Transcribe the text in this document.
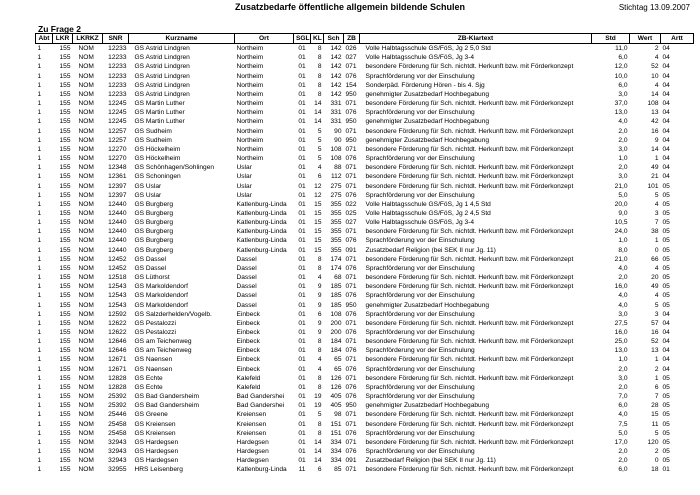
Zusatzbedarfe öffentliche allgemein bildende Schulen	Stichtag 13.09.2007
Zu Frage 2
Abt	LKR	LKRKZ	SNR	Kurzname	Ort	SGL	KL	Sch	ZB	ZB-Klartext	Std	Wert	Artt
1	155	NOM	12233	GS Astrid Lindgren	Northeim	01	8	142	026	Volle Halbtagsschule GS/FöS, Jg 2 5,0 Std	11,0	2	04
1	155	NOM	12233	GS Astrid Lindgren	Northeim	01	8	142	027	Volle Halbtagsschule GS/FöS, Jg 3-4	6,0	4	04
1	155	NOM	12233	GS Astrid Lindgren	Northeim	01	8	142	071	besondere Förderung für Sch. nichtdt. Herkunft bzw. mit Förderkonzept	12,0	52	04
1	155	NOM	12233	GS Astrid Lindgren	Northeim	01	8	142	076	Sprachförderung vor der Einschulung	10,0	10	04
1	155	NOM	12233	GS Astrid Lindgren	Northeim	01	8	142	154	Sonderpäd. Förderung Hören - bis 4. Sjg	6,0	4	04
1	155	NOM	12233	GS Astrid Lindgren	Northeim	01	8	142	950	genehmigter Zusatzbedarf Hochbegabung	3,0	14	04
1	155	NOM	12245	GS Martin Luther	Northeim	01	14	331	071	besondere Förderung für Sch. nichtdt. Herkunft bzw. mit Förderkonzept	37,0	108	04
1	155	NOM	12245	GS Martin Luther	Northeim	01	14	331	076	Sprachförderung vor der Einschulung	13,0	13	04
1	155	NOM	12245	GS Martin Luther	Northeim	01	14	331	950	genehmigter Zusatzbedarf Hochbegabung	4,0	42	04
1	155	NOM	12257	GS Sudheim	Northeim	01	5	90	071	besondere Förderung für Sch. nichtdt. Herkunft bzw. mit Förderkonzept	2,0	16	04
1	155	NOM	12257	GS Sudheim	Northeim	01	5	90	950	genehmigter Zusatzbedarf Hochbegabung	2,0	9	04
1	155	NOM	12270	GS Höckelheim	Northeim	01	5	108	071	besondere Förderung für Sch. nichtdt. Herkunft bzw. mit Förderkonzept	3,0	14	04
1	155	NOM	12270	GS Höckelheim	Northeim	01	5	108	076	Sprachförderung vor der Einschulung	1,0	1	04
1	155	NOM	12348	GS Schönhagen/Sohlingen	Uslar	01	4	88	071	besondere Förderung für Sch. nichtdt. Herkunft bzw. mit Förderkonzept	2,0	49	04
1	155	NOM	12361	GS Schoningen	Uslar	01	6	112	071	besondere Förderung für Sch. nichtdt. Herkunft bzw. mit Förderkonzept	3,0	21	04
1	155	NOM	12397	GS Uslar	Uslar	01	12	275	071	besondere Förderung für Sch. nichtdt. Herkunft bzw. mit Förderkonzept	21,0	101	05
1	155	NOM	12397	GS Uslar	Uslar	01	12	275	076	Sprachförderung vor der Einschulung	5,0	5	05
1	155	NOM	12440	GS Burgberg	Katlenburg-Linda	01	15	355	022	Volle Halbtagsschule GS/FöS, Jg 1 4,5 Std	20,0	4	05
1	155	NOM	12440	GS Burgberg	Katlenburg-Linda	01	15	355	025	Volle Halbtagsschule GS/FöS, Jg 2 4,5 Std	9,0	3	05
1	155	NOM	12440	GS Burgberg	Katlenburg-Linda	01	15	355	027	Volle Halbtagsschule GS/FöS, Jg 3-4	10,5	7	05
1	155	NOM	12440	GS Burgberg	Katlenburg-Linda	01	15	355	071	besondere Förderung für Sch. nichtdt. Herkunft bzw. mit Förderkonzept	24,0	38	05
1	155	NOM	12440	GS Burgberg	Katlenburg-Linda	01	15	355	076	Sprachförderung vor der Einschulung	1,0	1	05
1	155	NOM	12440	GS Burgberg	Katlenburg-Linda	01	15	355	091	Zusatzbedarf Religion (bei SEK II nur Jg. 11)	8,0	0	05
1	155	NOM	12452	GS Dassel	Dassel	01	8	174	071	besondere Förderung für Sch. nichtdt. Herkunft bzw. mit Förderkonzept	21,0	66	05
1	155	NOM	12452	GS Dassel	Dassel	01	8	174	076	Sprachförderung vor der Einschulung	4,0	4	05
1	155	NOM	12518	GS Lüthorst	Dassel	01	4	68	071	besondere Förderung für Sch. nichtdt. Herkunft bzw. mit Förderkonzept	2,0	20	05
1	155	NOM	12543	GS Markoldendorf	Dassel	01	9	185	071	besondere Förderung für Sch. nichtdt. Herkunft bzw. mit Förderkonzept	16,0	49	05
1	155	NOM	12543	GS Markoldendorf	Dassel	01	9	185	076	Sprachförderung vor der Einschulung	4,0	4	05
1	155	NOM	12543	GS Markoldendorf	Dassel	01	9	185	950	genehmigter Zusatzbedarf Hochbegabung	4,0	5	05
1	155	NOM	12592	GS Salzderhelden/Vogelb.	Einbeck	01	6	108	076	Sprachförderung vor der Einschulung	3,0	3	04
1	155	NOM	12622	GS Pestalozzi	Einbeck	01	9	200	071	besondere Förderung für Sch. nichtdt. Herkunft bzw. mit Förderkonzept	27,5	57	04
1	155	NOM	12622	GS Pestalozzi	Einbeck	01	9	200	076	Sprachförderung vor der Einschulung	16,0	16	04
1	155	NOM	12646	GS am Teichenweg	Einbeck	01	8	184	071	besondere Förderung für Sch. nichtdt. Herkunft bzw. mit Förderkonzept	25,0	52	04
1	155	NOM	12646	GS am Teichenweg	Einbeck	01	8	184	076	Sprachförderung vor der Einschulung	13,0	13	04
1	155	NOM	12671	GS Naensen	Einbeck	01	4	65	071	besondere Förderung für Sch. nichtdt. Herkunft bzw. mit Förderkonzept	1,0	1	04
1	155	NOM	12671	GS Naensen	Einbeck	01	4	65	076	Sprachförderung vor der Einschulung	2,0	2	04
1	155	NOM	12828	GS Echte	Kalefeld	01	8	126	071	besondere Förderung für Sch. nichtdt. Herkunft bzw. mit Förderkonzept	3,0	1	05
1	155	NOM	12828	GS Echte	Kalefeld	01	8	126	076	Sprachförderung vor der Einschulung	2,0	6	05
1	155	NOM	25392	GS Bad Gandersheim	Bad Gandershei	01	19	405	076	Sprachförderung vor der Einschulung	7,0	7	05
1	155	NOM	25392	GS Bad Gandersheim	Bad Gandershei	01	19	405	950	genehmigter Zusatzbedarf Hochbegabung	6,0	28	05
1	155	NOM	25446	GS Greene	Kreiensen	01	5	98	071	besondere Förderung für Sch. nichtdt. Herkunft bzw. mit Förderkonzept	4,0	15	05
1	155	NOM	25458	GS Kreiensen	Kreiensen	01	8	151	071	besondere Förderung für Sch. nichtdt. Herkunft bzw. mit Förderkonzept	7,5	11	05
1	155	NOM	25458	GS Kreiensen	Kreiensen	01	8	151	076	Sprachförderung vor der Einschulung	5,0	5	05
1	155	NOM	32943	GS Hardegsen	Hardegsen	01	14	334	071	besondere Förderung für Sch. nichtdt. Herkunft bzw. mit Förderkonzept	17,0	120	05
1	155	NOM	32943	GS Hardegsen	Hardegsen	01	14	334	076	Sprachförderung vor der Einschulung	2,0	2	05
1	155	NOM	32943	GS Hardegsen	Hardegsen	01	14	334	091	Zusatzbedarf Religion (bei SEK II nur Jg. 11)	2,0	0	05
1	155	NOM	32955	HRS Leisenberg	Katlenburg-Linda	11	6	85	071	besondere Förderung für Sch. nichtdt. Herkunft bzw. mit Förderkonzept	6,0	18	01
